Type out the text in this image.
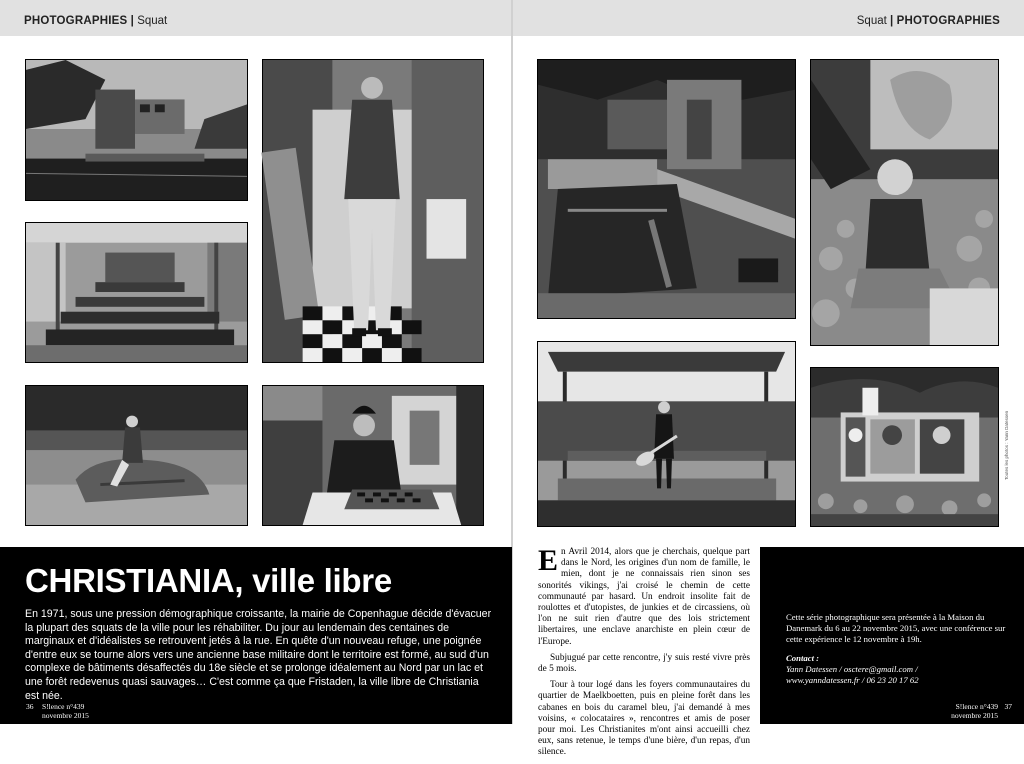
PHOTOGRAPHIES | Squat	Squat | PHOTOGRAPHIES
Toutes les photos : Yann Datessen
CHRISTIANIA, ville libre

En 1971, sous une pression démographique croissante, la mairie de Copenhague décide d'évacuer la plupart des squats de la ville pour les réhabiliter. Du jour au lendemain des centaines de marginaux et d'idéalistes se retrouvent jetés à la rue. En quête d'un nouveau refuge, une poignée d'entre eux se tourne alors vers une ancienne base militaire dont le territoire est formé, au sud d'un complexe de bâtiments désaffectés du 18e siècle et se prolonge idéalement au Nord par un lac et une forêt redevenus quasi sauvages… C'est comme ça que Fristaden, la ville libre de Christiania est née.

En Avril 2014, alors que je cherchais, quelque part dans le Nord, les origines d'un nom de famille, le mien, dont je ne connaissais rien sinon ses sonorités vikings, j'ai croisé le chemin de cette communauté par hasard. Un endroit insolite fait de roulottes et d'utopistes, de junkies et de circassiens, où l'on ne suit rien d'autre que des lois strictement libertaires, une enclave anarchiste en plein cœur de l'Europe.

Subjugué par cette rencontre, j'y suis resté vivre près de 5 mois.

Tour à tour logé dans les foyers communautaires du quartier de Maelkboetten, puis en pleine forêt dans les cabanes en bois du caramel bleu, j'ai demandé à mes voisins, « colocataires », rencontres et amis de poser pour moi. Les Christianites m'ont ainsi accueilli chez eux, sans retenue, le temps d'une bière, d'un repas, d'un silence.

Cette série photographique sera présentée à la Maison du Danemark du 6 au 22 novembre 2015, avec une conférence sur cette expérience le 12 novembre à 19h.

Contact :
Yann Datessen / osctere@gmail.com /
www.yanndatessen.fr / 06 23 20 17 62
36 S!lence n°439
novembre 2015
S!lence n°439
novembre 2015
37
